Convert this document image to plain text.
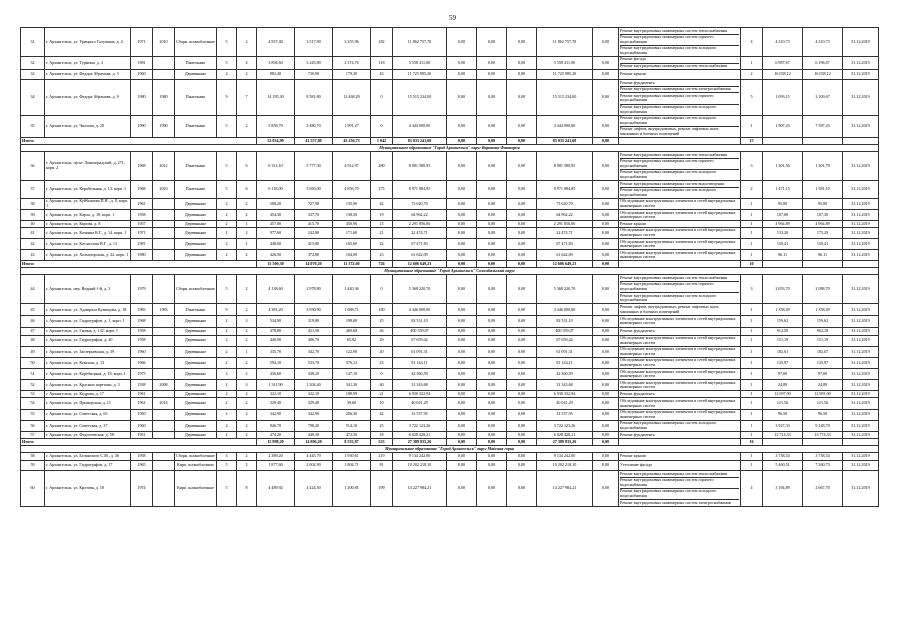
59
31	г. Архангельск, ул. Урицкого Галушина, д. 4	1971	2010	Сборн. шлакоблочные	5	2	4 837,40	3 517,90	3 255,96	182	11 862 757,70	0,00	0,00	0,00	11 862 757,70	0,00	Ремонт внутридомовых инженерных систем теплоснабжения
Ремонт внутридомовых инженерных систем горячего водоснабжения
Ремонт внутридомовых инженерных систем холодного водоснабжения	4	4 210,73	4 210,73	31.12.2019
32	г. Архангельск, ул. Турмина, д. 4	1981		Панельные	5	4	3 894,60	3 245,80	2 374,76	118	5 558 411,00	0,00	0,00	0,00	5 558 411,00	0,00	Ремонт фасада
Ремонт внутридомовых инженерных систем теплоснабжения	1	6 987,67	6 196,67	31.12.2019
33	г. Архангельск, ул. Федора Абрамова, д. 3	1960		Деревянные	2	2	882,40	730,90	179,30	43	11 725 985,20	0,00	0,00	0,00	11 725 985,20	0,00	Ремонт крыши	2	16 058,12	16 058,12	31.12.2019
34	г. Архангельск, ул. Федора Абрамова, д. 9	1980	1980	Панельные	9	7	14 195,30	8 581,80	12 468,29	0	15 515 234,00	0,00	0,00	0,00	15 515 234,00	0,00	Ремонт фундамента
Ремонт внутридомовых инженерных систем электроснабжения
Ремонт внутридомовых инженерных систем горячего водоснабжения
Ремонт внутридомовых инженерных систем холодного водоснабжения	5	1 093,15	2 109,67	31.12.2019
35	г. Архангельск, ул. Чкалова, д. 20	1990	1990	Панельные	5	2	5 858,70	2 480,70	1 991,27	0	4 444 000,00	0,00	0,00	0,00	4 444 000,00	0,00	Ремонт внутридомовых инженерных систем холодного водоснабжения
Ремонт лифтов, внутридомовых, ремонт лифтовых шахт, машинных и блочных помещений	1	1 907,43	7 587,43	31.12.2019
Итого:							52 034,99	41 557,80	45 256,73	1 042	83 033 241,68	0,00	0,00	0,00	83 033 241,68	0,00		15			
Муниципальное образование "Город Архангельск" округ Варавино-Фактория																					
36	г. Архангельск, пр-кт. Ленинградский, д. 271, корп. 2	1968	2012	Панельные	5	6	6 311,10	5 777,30	4 912,97	280	8 081 580,95	0,00	0,00	0,00	8 081 580,95	0,00	Ремонт внутридомовых инженерных систем теплоснабжения
Ремонт внутридомовых инженерных систем горячего водоснабжения
Ремонт внутридомовых инженерных систем холодного водоснабжения	3	1 501,56	1 501,79	31.12.2019
37	г. Архангельск, ул. Корабельная, д. 13, корп. 1	1968	2010	Панельные	5	6	6 118,00	5 669,00	4 856,70	275	8 971 084,85	0,00	0,00	0,00	8 971 084,85	0,00	Ремонт внутридомовых инженерных систем водоотведения
Ремонт внутридомовых инженерных систем холодного водоснабжения	2	1 471,15	1 581,10	31.12.2019
38	г. Архангельск, ул. Куйбышева П.Н., д. 8, корп. 1	1961		Деревянные	2	2	508,20	727,90	135,90	42	73 620,70	0,00	0,00	0,00	73 620,70	0,00	Обследование конструктивных элементов и сетей внутридомовых инженерных систем	1	95,80	95,80	31.12.2019
39	г. Архангельск, ул. Карла, д. 18, корп. 1	1958		Деревянные	2	2	454,30	337,70	138,50	19	64 962,22	0,00	0,00	0,00	64 962,22	0,00	Обследование конструктивных элементов и сетей внутридомовых инженерных систем	1	107,00	107,30	31.12.2019
40	г. Архангельск, ул. Кирова, д. 8	1957		Деревянные	2	1	457,00	415,70	450,96	13	2 291 856,06	0,00	0,00	0,00	2 291 856,06	0,00	Ремонт крыши	1	4 964,89	4 964,89	31.12.2019
41	г. Архангельск, ул. Кочкина В.Г., д. 14, корп. 1	1971		Деревянные	2	2	977,60	242,80	171,60	21	22 474,71	0,00	0,00	0,00	22 474,71	0,00	Обследование конструктивных элементов и сетей внутридомовых инженерных систем	1	133,20	175,29	31.12.2019
42	г. Архангельск, ул. Котласская И.Г., д. 13	1981		Деревянные	2	1	448,60	415,80	165,60	22	67 471,83	0,00	0,00	0,00	67 471,83	0,00	Обследование конструктивных элементов и сетей внутридомовых инженерных систем	1	150,41	150,41	31.12.2019
43	г. Архангельск, ул. Холмогорская, д. 22, корп. 1	1980		Деревянные	2	2	426,50	372,80	104,00	23	61 642,09	0,00	0,00	0,00	61 642,09	0,00	Обследование конструктивных элементов и сетей внутридомовых инженерных систем	1	96,11	96,11	31.12.2019
Итого:							15 500,30	14 070,20	11 372,60	726	12 606 649,23	0,00	0,00	0,00	12 606 649,23	0,00		10			
Муниципальное образование "Город Архангельск" Соломбальский округ																					
44	г. Архангельск, пер. Водный 1-й, д. 3	1979		Сборн. шлакоблочные	5	2	4 138,60	2 978,80	1 420,36	0	5 368 220,70	0,00	0,00	0,00	5 368 220,70	0,00	Ремонт внутридомовых инженерных систем теплоснабжения
Ремонт внутридомовых инженерных систем горячего водоснабжения
Ремонт внутридомовых инженерных систем холодного водоснабжения	3	2 053,70	2 088,70	31.12.2019
45	г. Архангельск, ул. Адмирала Кузнецова, д. 18	1983	1983	Панельные	9	2	4 381,20	3 950,90	1 688,71	180	4 446 000,00	0,00	0,00	0,00	4 446 000,00	0,00	Ремонт лифтов, внутридомовых, ремонт лифтовых шахт, машинных и блочных помещений	1	1 358,49	1 358,49	31.12.2019
46	г. Архангельск, ул. Гидрографов, д. 1, корп. 1	1968		Деревянные	2	3	534,90	319,80	198,00	25	82 531,10	0,00	0,00	0,00	82 531,10	0,00	Обследование конструктивных элементов и сетей внутридомовых инженерных систем	1	159,62	159,62	31.12.2019
47	г. Архангельск, ул. Гагина, д. 132, корп. 1	1958		Деревянные	2	2	478,80	421,50	400,68	26	400 559,07	0,00	0,00	0,00	400 559,07	0,00	Ремонт фундамента	1	912,50	962,18	31.12.2019
48	г. Архангельск, ул. Гидрографов, д. 20	1958		Деревянные	2	2	440,00	406,70	65,92	29	67 659,42	0,00	0,00	0,00	67 659,42	0,00	Обследование конструктивных элементов и сетей внутридомовых инженерных систем	1	151,19	151,19	31.12.2019
49	г. Архангельск, ул. Заозерьевская, д. 39	1960		Деревянные	2	1	335,70	342,70	122,90	20	61 091,31	0,00	0,00	0,00	61 091,31	0,00	Обследование конструктивных элементов и сетей внутридомовых инженерных систем	1	182,61	182,67	31.12.2019
50	г. Архангельск, ул. Кемская, д. 13	1966		Деревянные	2	2	594,10	533,70	376,12	23	81 144,11	0,00	0,00	0,00	81 144,11	0,00	Обследование конструктивных элементов и сетей внутридомовых инженерных систем	1	135,97	135,97	31.12.2019
51	г. Архангельск, ул. Коробицына, д. 18, корп. 1	1975		Деревянные	2	2	436,60	348,20	147,10	0	42 360,59	0,00	0,00	0,00	42 360,59	0,00	Обследование конструктивных элементов и сетей внутридомовых инженерных систем	1	97,00	97,00	31.12.2019
52	г. Архангельск, ул. Красных партизан, д. 3	1938	2008	Деревянные	2	3	1 311,90	1 204,40	341,30	40	31 343,68	0,00	0,00	0,00	31 343,68	0,00	Обследование конструктивных элементов и сетей внутридомовых инженерных систем	1	24,89	24,89	31.12.2019
53	г. Архангельск, ул. Кедрова, д. 17	1961		Деревянные	2	2	322,10	322,10	188,99	21	6 930 332,94	0,00	0,00	0,00	6 930 332,94	0,00	Ремонт фундамента	1	12 697,00	12 981,00	31.12.2019
54	г. Архангельск, ул. Приморская, д. 11	1961	2014	Деревянные	2	2	329,40	329,40	39,60	10	40 041,29	0,00	0,00	0,00	40 041,29	0,00	Обследование конструктивных элементов и сетей внутридомовых инженерных систем	1	121,56	121,56	31.12.2019
55	г. Архангельск, ул. Советская, д. 65	1950		Деревянные	2	2	342,90	342,90	206,30	42	31 537,95	0,00	0,00	0,00	31 537,95	0,00	Обследование конструктивных элементов и сетей внутридомовых инженерных систем	1	96,50	96,50	31.12.2019
56	г. Архангельск, ул. Советская, д. 37	1960		Деревянные	2	2	946,70	798,20	514,10	25	3 722 123,26	0,00	0,00	0,00	3 722 123,26	0,00	Ремонт внутридомовых инженерных систем холодного водоснабжения	1	3 927,33	9 148,70	31.12.2019
57	г. Архангельск, ул. Федосеевская, д. 58	1951		Деревянные	2	2	474,20	440,30	472,50	18	6 028 428,21	0,00	0,00	0,00	6 028 428,21	0,00	Ремонт фундамента	1	12 714,33	13 774,33	31.12.2019
Итого:							15 998,20	14 096,20	8 555,87	523	27 389 835,26	0,00	0,00	0,00	27 389 835,26	0,00		16			
Муниципальное образование "Город Архангельск" округ Майская горка																					
58	г. Архангельск, ул. Белинского С.М., д. 36	1958		Сборн. шлакоблочные	3	2	2 389,20	4 445,70	1 930,61	219	9 134 242,00	0,00	0,00	0,00	9 134 242,00	0,00	Ремонт крыши	1	3 738,54	3 738,54	31.12.2019
59	г. Архангельск, ул. Гидрографов, д. 17	1965		Кирп. шлакоблочные	5	2	1 877,60	2 002,90	1 804,71	81	10 202 218,10	0,00	0,00	0,00	10 202 218,10	0,00	Утепление фасада	1	5 460,51	7 260,73	31.12.2019
60	г. Архангельск, ул. Кротова, д. 18	1974		Кирп. шлакоблочные	5	8	4 489,92	4 424,50	1 200,81	199	14 227 984,21	0,00	0,00	0,00	14 227 984,21	0,00	Ремонт внутридомовых инженерных систем теплоснабжения
Ремонт внутридомовых инженерных систем горячего водоснабжения
Ремонт внутридомовых инженерных систем холодного водоснабжения
Ремонт внутридомовых инженерных систем электроснабжения	4	3 194,89	2 667,70	31.12.2019
